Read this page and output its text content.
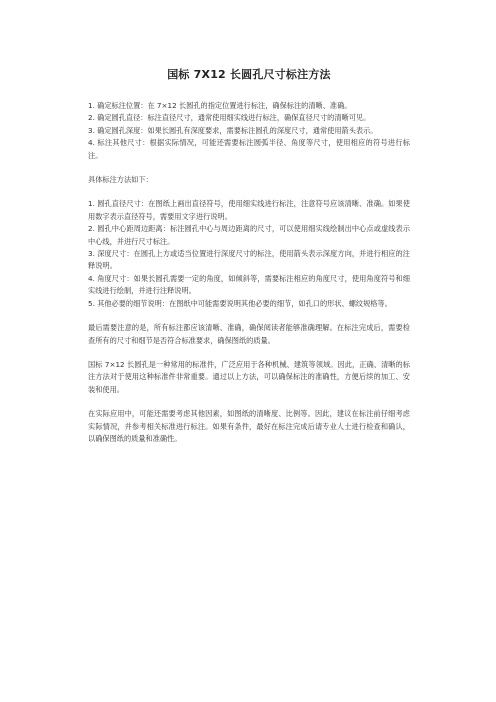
国标 7X12 长圆孔尺寸标注方法

1. 确定标注位置：在 7×12 长圆孔的指定位置进行标注，确保标注的清晰、准确。

2. 确定圆孔直径：标注直径尺寸，通常使用细实线进行标注，确保直径尺寸的清晰可见。

3. 确定圆孔深度：如果长圆孔有深度要求，需要标注圆孔的深度尺寸，通常使用箭头表示。

4. 标注其他尺寸：根据实际情况，可能还需要标注圆弧半径、角度等尺寸，使用相应的符号进行标注。

具体标注方法如下：

1. 圆孔直径尺寸：在图纸上画出直径符号，使用细实线进行标注，注意符号应该清晰、准确。如果使用数字表示直径符号，需要用文字进行说明。

2. 圆孔中心距周边距离：标注圆孔中心与周边距离的尺寸，可以使用细实线绘制出中心点或虚线表示中心线，并进行尺寸标注。

3. 深度尺寸：在圆孔上方或适当位置进行深度尺寸的标注，使用箭头表示深度方向，并进行相应的注释说明。

4. 角度尺寸：如果长圆孔需要一定的角度，如倾斜等，需要标注相应的角度尺寸，使用角度符号和细实线进行绘制，并进行注释说明。

5. 其他必要的细节说明：在图纸中可能需要说明其他必要的细节，如孔口的形状、螺纹规格等。

最后需要注意的是，所有标注都应该清晰、准确，确保阅读者能够准确理解。在标注完成后，需要检查所有的尺寸和细节是否符合标准要求，确保图纸的质量。

国标 7×12 长圆孔是一种常用的标准件，广泛应用于各种机械、建筑等领域。因此，正确、清晰的标注方法对于使用这种标准件非常重要。通过以上方法，可以确保标注的准确性，方便后续的加工、安装和使用。

在实际应用中，可能还需要考虑其他因素，如图纸的清晰度、比例等。因此，建议在标注前仔细考虑实际情况，并参考相关标准进行标注。如果有条件，最好在标注完成后请专业人士进行检查和确认，以确保图纸的质量和准确性。
